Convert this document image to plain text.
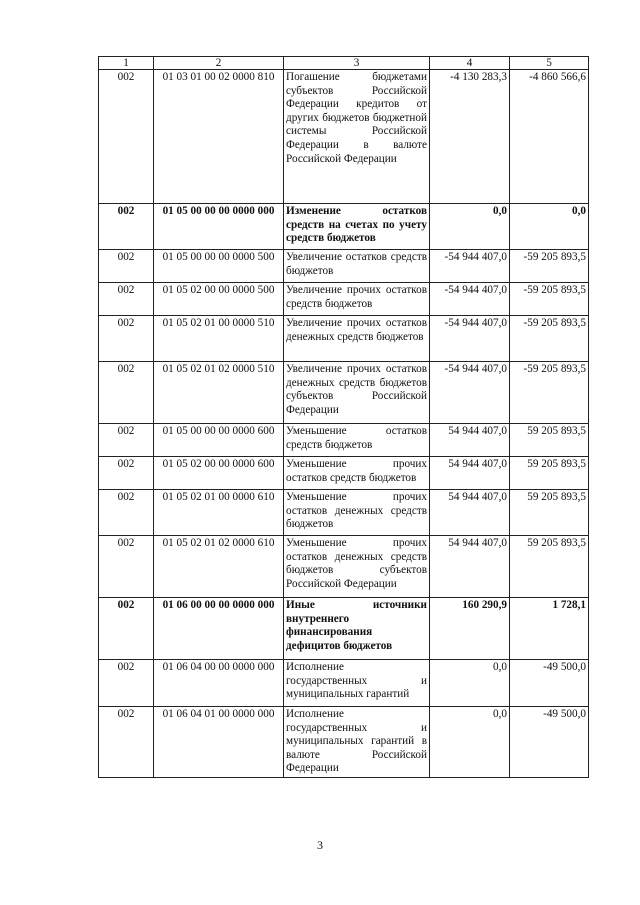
1	2	3	4	5
002	01 03 01 00 02 0000 810	Погашение бюджетами субъектов Российской Федерации кредитов от других бюджетов бюджетной системы Российской Федерации в валюте Российской Федерации	-4 130 283,3	-4 860 566,6
002	01 05 00 00 00 0000 000	Изменение остатков средств на счетах по учету средств бюджетов	0,0	0,0
002	01 05 00 00 00 0000 500	Увеличение остатков средств бюджетов	-54 944 407,0	-59 205 893,5
002	01 05 02 00 00 0000 500	Увеличение прочих остатков средств бюджетов	-54 944 407,0	-59 205 893,5
002	01 05 02 01 00 0000 510	Увеличение прочих остатков денежных средств бюджетов	-54 944 407,0	-59 205 893,5
002	01 05 02 01 02 0000 510	Увеличение прочих остатков денежных средств бюджетов субъектов Российской Федерации	-54 944 407,0	-59 205 893,5
002	01 05 00 00 00 0000 600	Уменьшение остатков средств бюджетов	54 944 407,0	59 205 893,5
002	01 05 02 00 00 0000 600	Уменьшение прочих остатков средств бюджетов	54 944 407,0	59 205 893,5
002	01 05 02 01 00 0000 610	Уменьшение прочих остатков денежных средств бюджетов	54 944 407,0	59 205 893,5
002	01 05 02 01 02 0000 610	Уменьшение прочих остатков денежных средств бюджетов субъектов Российской Федерации	54 944 407,0	59 205 893,5
002	01 06 00 00 00 0000 000	Иные источники внутреннего финансирования дефицитов бюджетов	160 290,9	1 728,1
002	01 06 04 00 00 0000 000	Исполнение государственных и муниципальных гарантий	0,0	-49 500,0
002	01 06 04 01 00 0000 000	Исполнение государственных и муниципальных гарантий в валюте Российской Федерации	0,0	-49 500,0
3
